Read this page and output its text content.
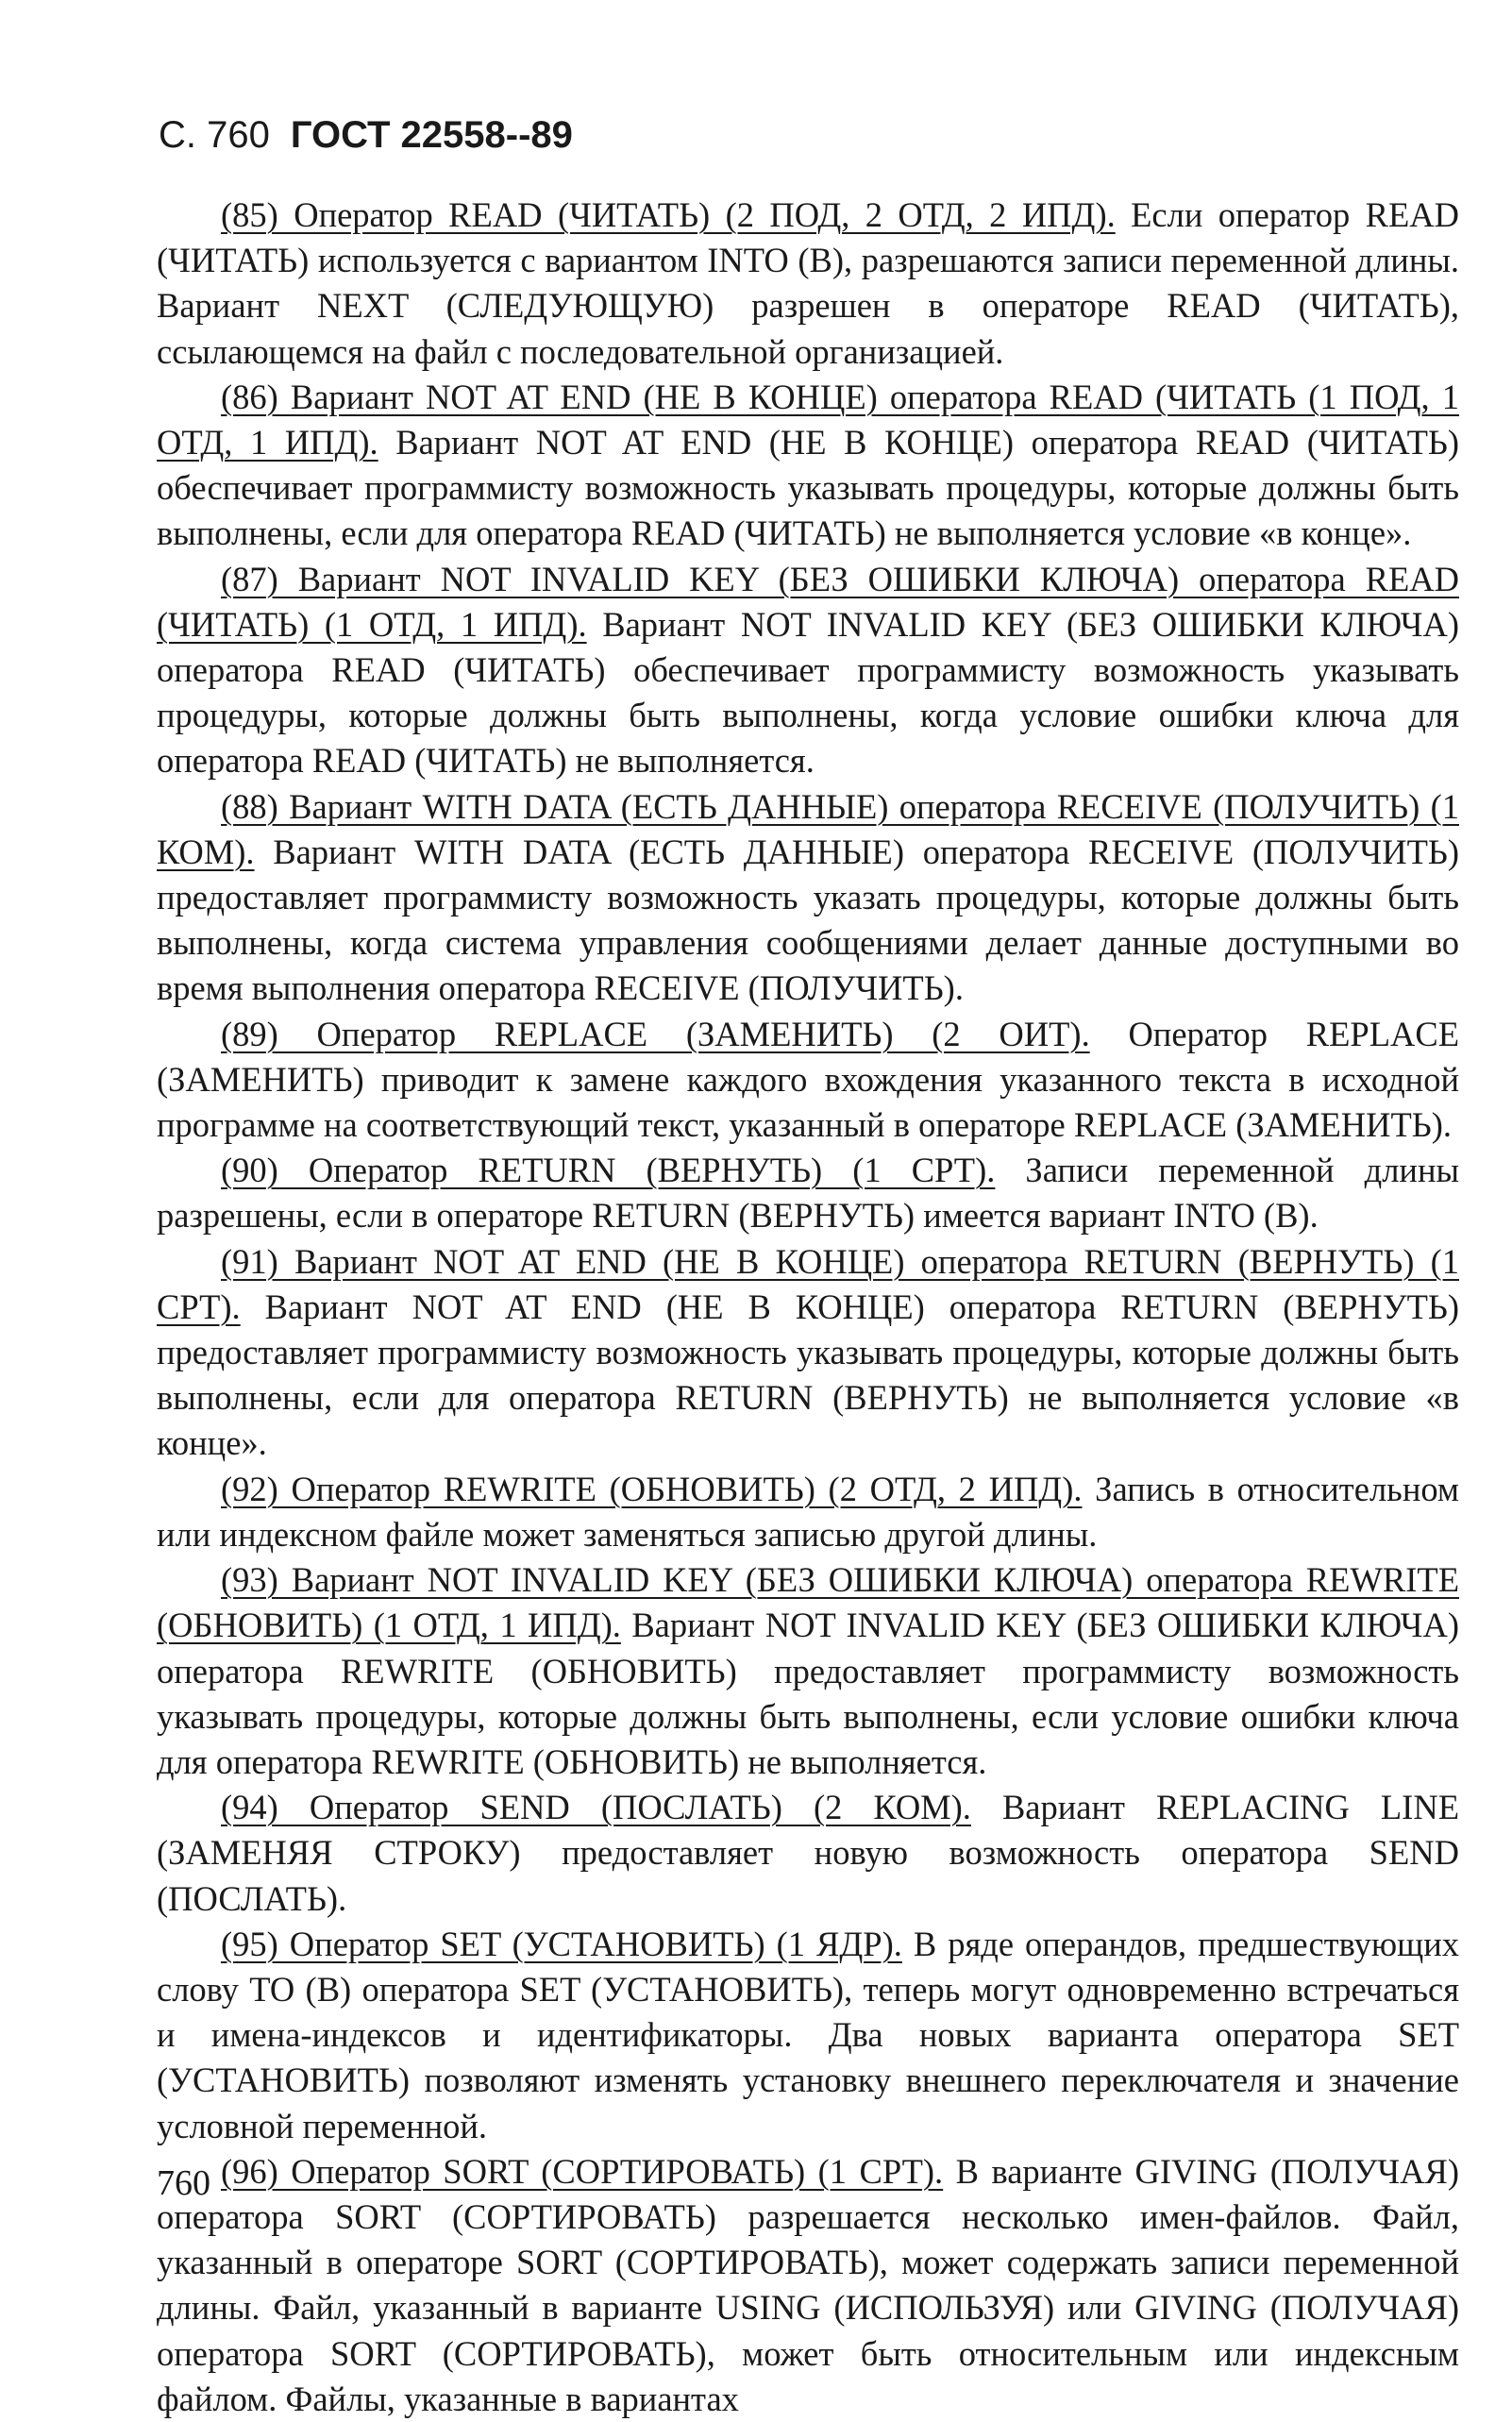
С. 760 ГОСТ 22558--89

(85) Оператор READ (ЧИТАТЬ) (2 ПОД, 2 ОТД, 2 ИПД). Если оператор READ (ЧИТАТЬ) используется с вариантом INTO (В), разрешаются записи переменной длины. Вариант NEXT (СЛЕДУЮЩУЮ) разрешен в операторе READ (ЧИТАТЬ), ссылающемся на файл с последовательной организацией.

(86) Вариант NOT AT END (НЕ В КОНЦЕ) оператора READ (ЧИТАТЬ (1 ПОД, 1 ОТД, 1 ИПД). Вариант NOT AT END (НЕ В КОНЦЕ) оператора READ (ЧИТАТЬ) обеспечивает программисту возможность указывать процедуры, которые должны быть выполнены, если для оператора READ (ЧИТАТЬ) не выполняется условие «в конце».

(87) Вариант NOT INVALID KEY (БЕЗ ОШИБКИ КЛЮЧА) оператора READ (ЧИТАТЬ) (1 ОТД, 1 ИПД). Вариант NOT INVALID KEY (БЕЗ ОШИБКИ КЛЮЧА) оператора READ (ЧИТАТЬ) обеспечивает программисту возможность указывать процедуры, которые должны быть выполнены, когда условие ошибки ключа для оператора READ (ЧИТАТЬ) не выполняется.

(88) Вариант WITH DATA (ЕСТЬ ДАННЫЕ) оператора RECEIVE (ПОЛУЧИТЬ) (1 КОМ). Вариант WITH DATA (ЕСТЬ ДАННЫЕ) оператора RECEIVE (ПОЛУЧИТЬ) предоставляет программисту возможность указать процедуры, которые должны быть выполнены, когда система управления сообщениями делает данные доступными во время выполнения оператора RECEIVE (ПОЛУЧИТЬ).

(89) Оператор REPLACE (ЗАМЕНИТЬ) (2 ОИТ). Оператор REPLACE (ЗАМЕНИТЬ) приводит к замене каждого вхождения указанного текста в исходной программе на соответствующий текст, указанный в операторе REPLACE (ЗАМЕНИТЬ).

(90) Оператор RETURN (ВЕРНУТЬ) (1 СРТ). Записи переменной длины разрешены, если в операторе RETURN (ВЕРНУТЬ) имеется вариант INTO (В).

(91) Вариант NOT AT END (НЕ В КОНЦЕ) оператора RETURN (ВЕРНУТЬ) (1 СРТ). Вариант NOT AT END (НЕ В КОНЦЕ) оператора RETURN (ВЕРНУТЬ) предоставляет программисту возможность указывать процедуры, которые должны быть выполнены, если для оператора RETURN (ВЕРНУТЬ) не выполняется условие «в конце».

(92) Оператор REWRITE (ОБНОВИТЬ) (2 ОТД, 2 ИПД). Запись в относительном или индексном файле может заменяться записью другой длины.

(93) Вариант NOT INVALID KEY (БЕЗ ОШИБКИ КЛЮЧА) оператора REWRITE (ОБНОВИТЬ) (1 ОТД, 1 ИПД). Вариант NOT INVALID KEY (БЕЗ ОШИБКИ КЛЮЧА) оператора REWRITE (ОБНОВИТЬ) предоставляет программисту возможность указывать процедуры, которые должны быть выполнены, если условие ошибки ключа для оператора REWRITE (ОБНОВИТЬ) не выполняется.

(94) Оператор SEND (ПОСЛАТЬ) (2 КОМ). Вариант REPLACING LINE (ЗАМЕНЯЯ СТРОКУ) предоставляет новую возможность оператора SEND (ПОСЛАТЬ).

(95) Оператор SET (УСТАНОВИТЬ) (1 ЯДР). В ряде операндов, предшествующих слову TO (В) оператора SET (УСТАНОВИТЬ), теперь могут одновременно встречаться и имена-индексов и идентификаторы. Два новых варианта оператора SET (УСТАНОВИТЬ) позволяют изменять установку внешнего переключателя и значение условной переменной.

(96) Оператор SORT (СОРТИРОВАТЬ) (1 СРТ). В варианте GIVING (ПОЛУЧАЯ) оператора SORT (СОРТИРОВАТЬ) разрешается несколько имен-файлов. Файл, указанный в операторе SORT (СОРТИРОВАТЬ), может содержать записи переменной длины. Файл, указанный в варианте USING (ИСПОЛЬЗУЯ) или GIVING (ПОЛУЧАЯ) оператора SORT (СОРТИРОВАТЬ), может быть относительным или индексным файлом. Файлы, указанные в вариантах

760
